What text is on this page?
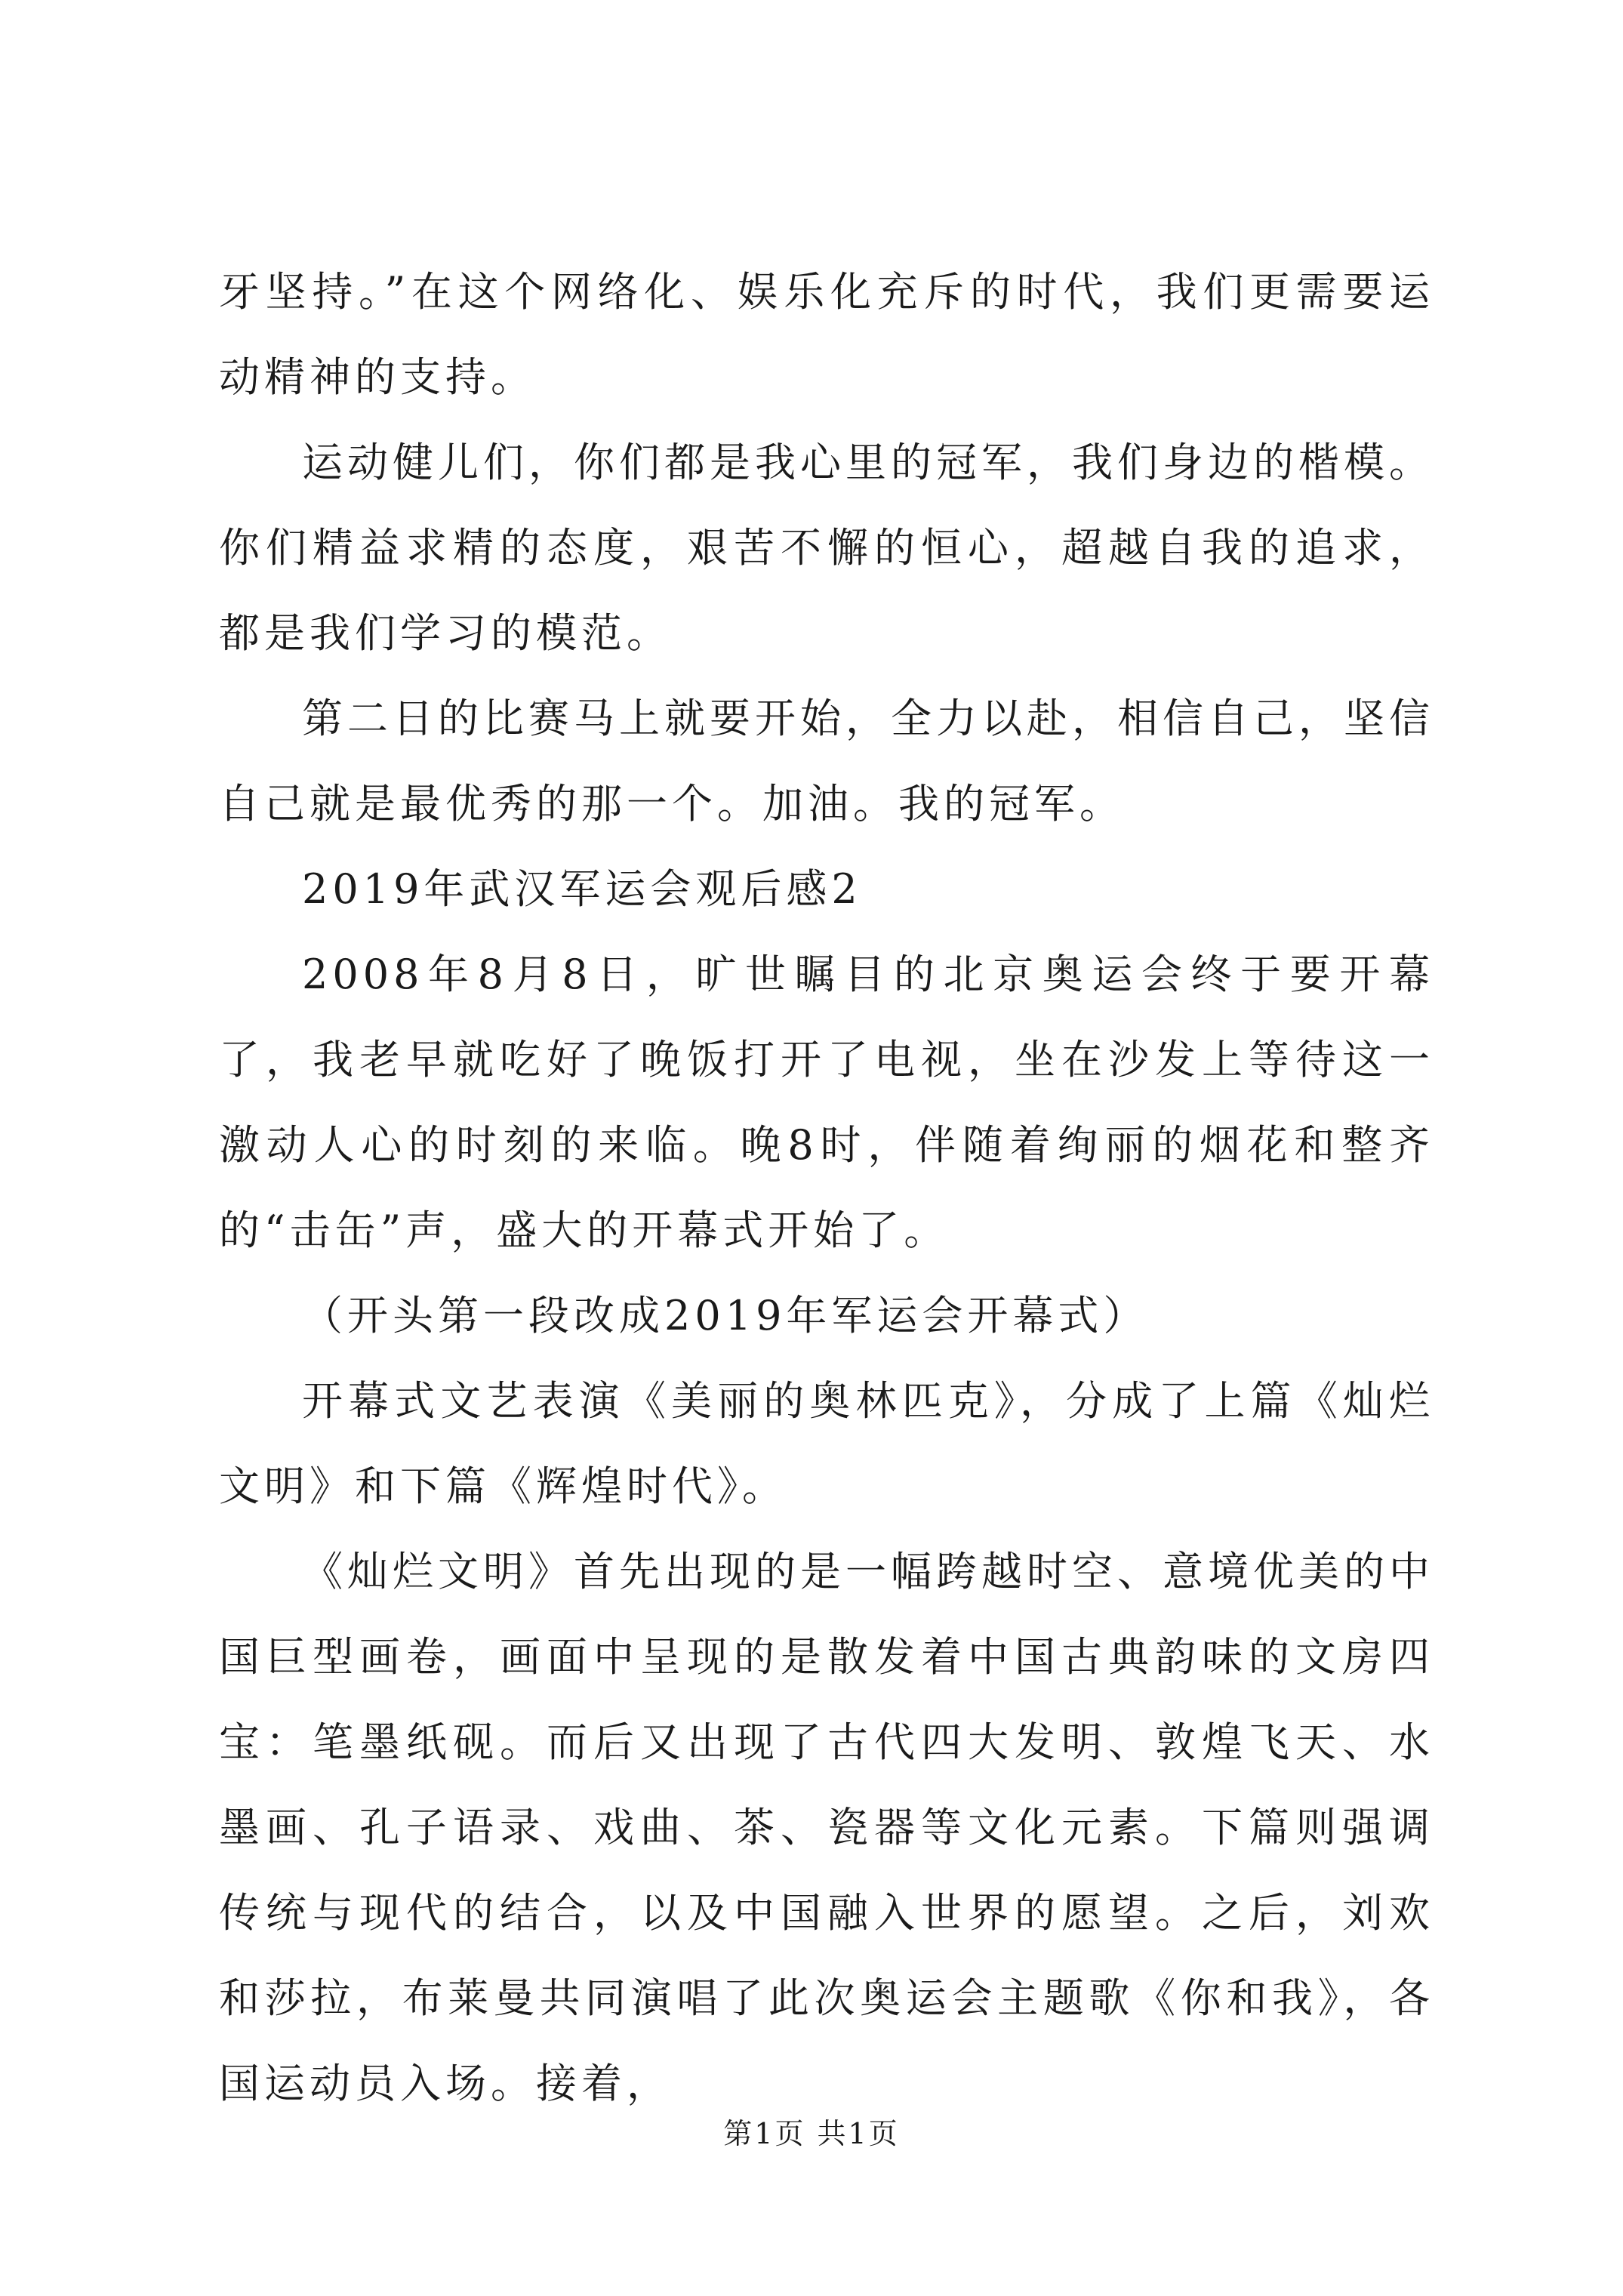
牙坚持。”在这个网络化、娱乐化充斥的时代，我们更需要运动精神的支持。

运动健儿们，你们都是我心里的冠军，我们身边的楷模。你们精益求精的态度，艰苦不懈的恒心，超越自我的追求，都是我们学习的模范。

第二日的比赛马上就要开始，全力以赴，相信自己，坚信自己就是最优秀的那一个。加油。我的冠军。

2019年武汉军运会观后感2

2008年8月8日，旷世瞩目的北京奥运会终于要开幕了，我老早就吃好了晚饭打开了电视，坐在沙发上等待这一激动人心的时刻的来临。晚8时，伴随着绚丽的烟花和整齐的“击缶”声，盛大的开幕式开始了。

（开头第一段改成2019年军运会开幕式）

开幕式文艺表演《美丽的奥林匹克》，分成了上篇《灿烂文明》和下篇《辉煌时代》。

《灿烂文明》首先出现的是一幅跨越时空、意境优美的中国巨型画卷，画面中呈现的是散发着中国古典韵味的文房四宝：笔墨纸砚。而后又出现了古代四大发明、敦煌飞天、水墨画、孔子语录、戏曲、茶、瓷器等文化元素。下篇则强调传统与现代的结合，以及中国融入世界的愿望。之后，刘欢和莎拉，布莱曼共同演唱了此次奥运会主题歌《你和我》，各国运动员入场。接着，

第1页 共1页
